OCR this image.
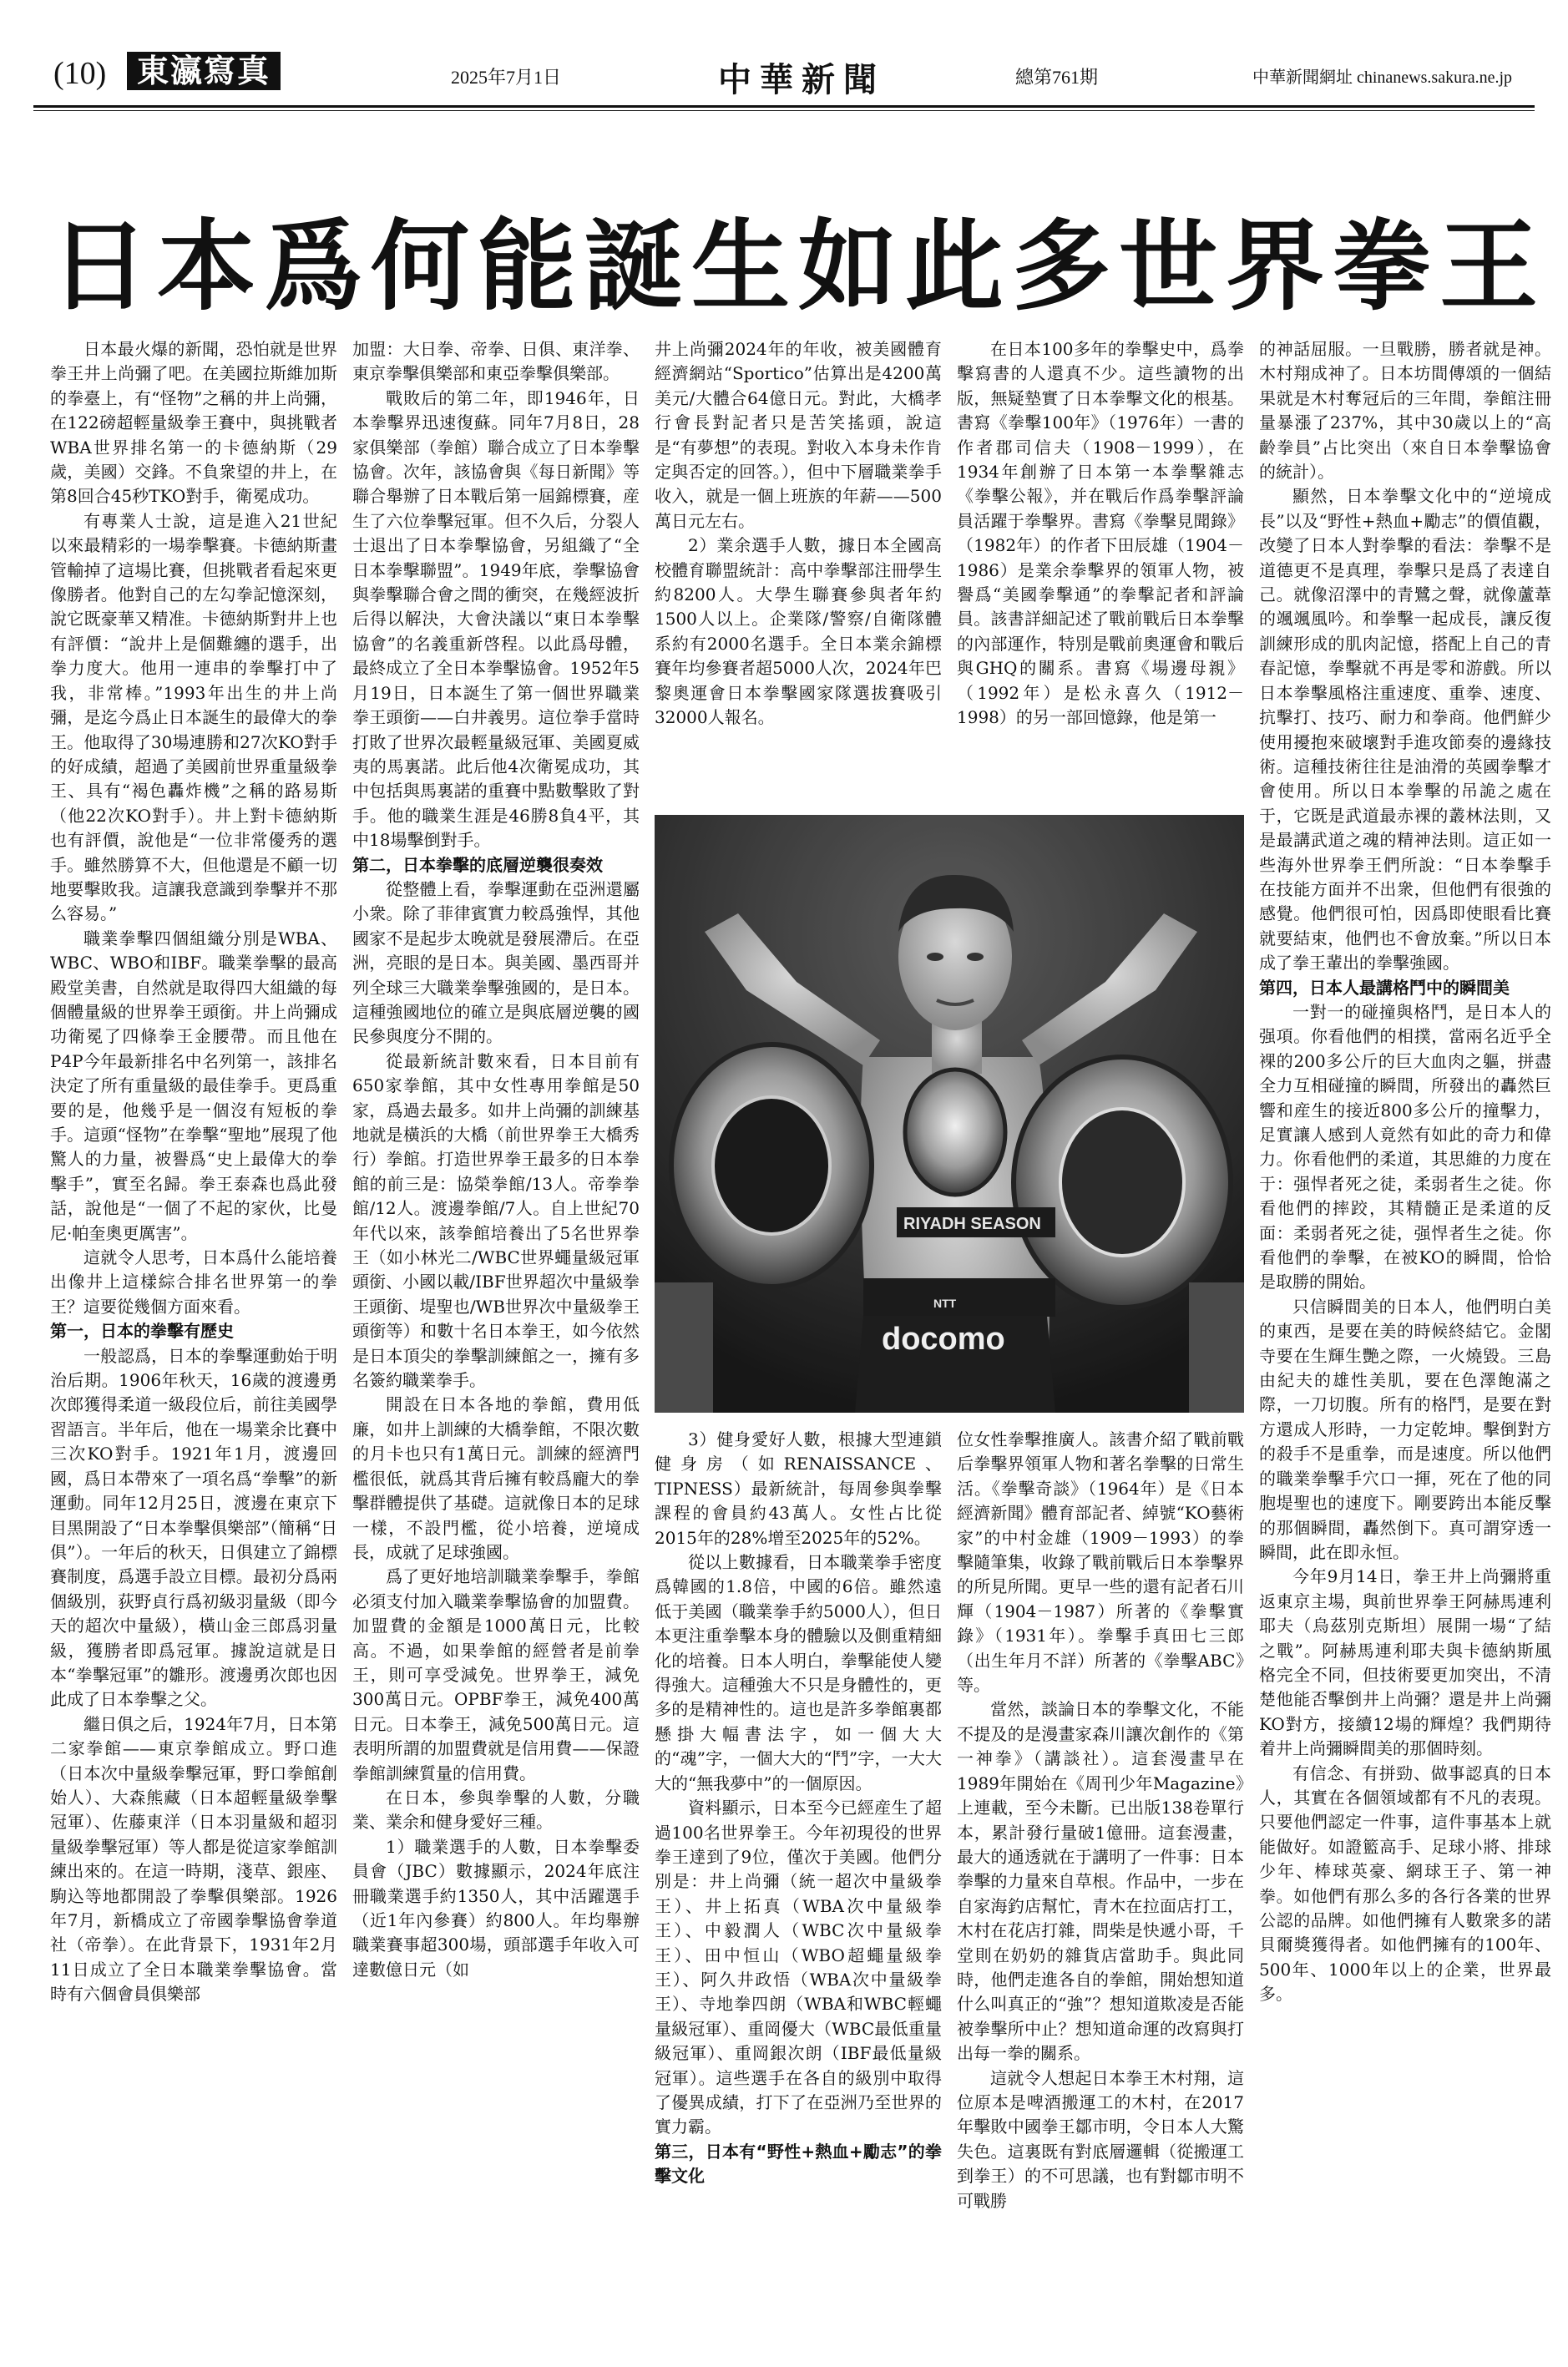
(10) 東瀛寫真	2025年7月1日	中華新聞	總第761期	中華新聞網址 chinanews.sakura.ne.jp
日本爲何能誕生如此多世界拳王

日本最火爆的新聞，恐怕就是世界拳王井上尚彌了吧。在美國拉斯維加斯的拳臺上，有“怪物”之稱的井上尚彌，在122磅超輕量級拳王賽中，與挑戰者WBA世界排名第一的卡德納斯（29歲，美國）交鋒。不負衆望的井上，在第8回合45秒TKO對手，衛冕成功。

有專業人士說，這是進入21世紀以來最精彩的一場拳擊賽。卡德納斯畫管輸掉了這場比賽，但挑戰者看起來更像勝者。他對自己的左勾拳記憶深刻，說它既豪華又精准。卡德納斯對井上也有評價：“說井上是個難纏的選手，出拳力度大。他用一連串的拳擊打中了我，非常棒。”1993年出生的井上尚彌，是迄今爲止日本誕生的最偉大的拳王。他取得了30場連勝和27次KO對手的好成績，超過了美國前世界重量級拳王、具有“褐色轟炸機”之稱的路易斯（他22次KO對手）。井上對卡德納斯也有評價，說他是“一位非常優秀的選手。雖然勝算不大，但他還是不顧一切地要擊敗我。這讓我意識到拳擊并不那么容易。”

職業拳擊四個組織分別是WBA、WBC、WBO和IBF。職業拳擊的最高殿堂美書，自然就是取得四大組織的每個體量級的世界拳王頭銜。井上尚彌成功衛冕了四條拳王金腰帶。而且他在P4P今年最新排名中名列第一，該排名決定了所有重量級的最佳拳手。更爲重要的是，他幾乎是一個沒有短板的拳手。這頭“怪物”在拳擊“聖地”展現了他驚人的力量，被譽爲“史上最偉大的拳擊手”，實至名歸。拳王泰森也爲此發話，說他是“一個了不起的家伙，比曼尼·帕奎奧更厲害”。

這就令人思考，日本爲什么能培養出像井上這樣綜合排名世界第一的拳王？這要從幾個方面來看。

第一，日本的拳擊有歷史

一般認爲，日本的拳擊運動始于明治后期。1906年秋天，16歲的渡邊勇次郎獲得柔道一級段位后，前往美國學習語言。半年后，他在一場業余比賽中三次KO對手。1921年1月，渡邊回國，爲日本帶來了一項名爲“拳擊”的新運動。同年12月25日，渡邊在東京下目黑開設了“日本拳擊俱樂部”（簡稱“日俱”）。一年后的秋天，日俱建立了錦標賽制度，爲選手設立目標。最初分爲兩個級別，荻野貞行爲初級羽量級（即今天的超次中量級），橫山金三郎爲羽量級，獲勝者即爲冠軍。據說這就是日本“拳擊冠軍”的雛形。渡邊勇次郎也因此成了日本拳擊之父。

繼日俱之后，1924年7月，日本第二家拳館——東京拳館成立。野口進（日本次中量級拳擊冠軍，野口拳館創始人）、大森熊藏（日本超輕量級拳擊冠軍）、佐藤東洋（日本羽量級和超羽量級拳擊冠軍）等人都是從這家拳館訓練出來的。在這一時期，淺草、銀座、駒込等地都開設了拳擊俱樂部。1926年7月，新橋成立了帝國拳擊協會拳道社（帝拳）。在此背景下，1931年2月11日成立了全日本職業拳擊協會。當時有六個會員俱樂部

加盟：大日拳、帝拳、日俱、東洋拳、東京拳擊俱樂部和東亞拳擊俱樂部。

戰敗后的第二年，即1946年，日本拳擊界迅速復蘇。同年7月8日，28家俱樂部（拳館）聯合成立了日本拳擊協會。次年，該協會與《每日新聞》等聯合舉辦了日本戰后第一屆錦標賽，産生了六位拳擊冠軍。但不久后，分裂人士退出了日本拳擊協會，另組織了“全日本拳擊聯盟”。1949年底，拳擊協會與拳擊聯合會之間的衝突，在幾經波折后得以解決，大會決議以“東日本拳擊協會”的名義重新啓程。以此爲母體，最終成立了全日本拳擊協會。1952年5月19日，日本誕生了第一個世界職業拳王頭銜——白井義男。這位拳手當時打敗了世界次最輕量級冠軍、美國夏威夷的馬裏諾。此后他4次衛冕成功，其中包括與馬裏諾的重賽中點數擊敗了對手。他的職業生涯是46勝8負4平，其中18場擊倒對手。

第二，日本拳擊的底層逆襲很奏效

從整體上看，拳擊運動在亞洲還屬小衆。除了菲律賓實力較爲強悍，其他國家不是起步太晚就是發展滯后。在亞洲，亮眼的是日本。與美國、墨西哥并列全球三大職業拳擊強國的，是日本。這種強國地位的確立是與底層逆襲的國民參與度分不開的。

從最新統計數來看，日本目前有650家拳館，其中女性專用拳館是50家，爲過去最多。如井上尚彌的訓練基地就是橫浜的大橋（前世界拳王大橋秀行）拳館。打造世界拳王最多的日本拳館的前三是：協榮拳館/13人。帝拳拳館/12人。渡邊拳館/7人。自上世紀70年代以來，該拳館培養出了5名世界拳王（如小林光二/WBC世界蠅量級冠軍頭銜、小國以載/IBF世界超次中量級拳王頭銜、堤聖也/WB世界次中量級拳王頭銜等）和數十名日本拳王，如今依然是日本頂尖的拳擊訓練館之一，擁有多名簽約職業拳手。

開設在日本各地的拳館，費用低廉，如井上訓練的大橋拳館，不限次數的月卡也只有1萬日元。訓練的經濟門檻很低，就爲其背后擁有較爲龐大的拳擊群體提供了基礎。這就像日本的足球一樣，不設門檻，從小培養，逆境成長，成就了足球強國。

爲了更好地培訓職業拳擊手，拳館必須支付加入職業拳擊協會的加盟費。加盟費的金額是1000萬日元，比較高。不過，如果拳館的經營者是前拳王，則可享受減免。世界拳王，減免300萬日元。OPBF拳王，減免400萬日元。日本拳王，減免500萬日元。這表明所謂的加盟費就是信用費——保證拳館訓練質量的信用費。

在日本，參與拳擊的人數，分職業、業余和健身愛好三種。

1）職業選手的人數，日本拳擊委員會（JBC）數據顯示，2024年底注冊職業選手約1350人，其中活躍選手（近1年內參賽）約800人。年均舉辦職業賽事超300場，頭部選手年收入可達數億日元（如

井上尚彌2024年的年收，被美國體育經濟網站“Sportico”估算出是4200萬美元/大體合64億日元。對此，大橋孝行會長對記者只是苦笑搖頭，說這是“有夢想”的表現。對收入本身未作肯定與否定的回答。），但中下層職業拳手收入，就是一個上班族的年薪——500萬日元左右。

2）業余選手人數，據日本全國高校體育聯盟統計：高中拳擊部注冊學生約8200人。大學生聯賽參與者年約1500人以上。企業隊/警察/自衛隊體系約有2000名選手。全日本業余錦標賽年均參賽者超5000人次，2024年巴黎奧運會日本拳擊國家隊選拔賽吸引32000人報名。

在日本100多年的拳擊史中，爲拳擊寫書的人還真不少。這些讀物的出版，無疑墊實了日本拳擊文化的根基。書寫《拳擊100年》（1976年）一書的作者郡司信夫（1908－1999），在1934年創辦了日本第一本拳擊雜志《拳擊公報》，并在戰后作爲拳擊評論員活躍于拳擊界。書寫《拳擊見聞錄》（1982年）的作者下田辰雄（1904－1986）是業余拳擊界的領軍人物，被譽爲“美國拳擊通”的拳擊記者和評論員。該書詳細記述了戰前戰后日本拳擊的內部運作，特別是戰前奧運會和戰后與GHQ的關系。書寫《場邊母親》（1992年）是松永喜久（1912－1998）的另一部回憶錄，他是第一

RIYADH SEASON
NTT
docomo

3）健身愛好人數，根據大型連鎖健身房（如RENAISSANCE、TIPNESS）最新統計，每周參與拳擊課程的會員約43萬人。女性占比從2015年的28%增至2025年的52%。

從以上數據看，日本職業拳手密度爲韓國的1.8倍，中國的6倍。雖然遠低于美國（職業拳手約5000人），但日本更注重拳擊本身的體驗以及側重精細化的培養。日本人明白，拳擊能使人變得強大。這種強大不只是身體性的，更多的是精神性的。這也是許多拳館裏都懸掛大幅書法字，如一個大大的“魂”字，一個大大的“鬥”字，一大大大的“無我夢中”的一個原因。

資料顯示，日本至今已經産生了超過100名世界拳王。今年初現役的世界拳王達到了9位，僅次于美國。他們分別是：井上尚彌（統一超次中量級拳王）、井上拓真（WBA次中量級拳王）、中毅潤人（WBC次中量級拳王）、田中恒山（WBO超蠅量級拳王）、阿久井政悟（WBA次中量級拳王）、寺地拳四朗（WBA和WBC輕蠅量級冠軍）、重岡優大（WBC最低重量級冠軍）、重岡銀次朗（IBF最低量級冠軍）。這些選手在各自的級別中取得了優異成績，打下了在亞洲乃至世界的實力霸。

第三，日本有“野性+熱血+勵志”的拳擊文化

位女性拳擊推廣人。該書介紹了戰前戰后拳擊界領軍人物和著名拳擊的日常生活。《拳擊奇談》（1964年）是《日本經濟新聞》體育部記者、綽號“KO藝術家”的中村金雄（1909－1993）的拳擊隨筆集，收錄了戰前戰后日本拳擊界的所見所聞。更早一些的還有記者石川輝（1904－1987）所著的《拳擊實錄》（1931年）。拳擊手真田七三郎（出生年月不詳）所著的《拳擊ABC》等。

當然，談論日本的拳擊文化，不能不提及的是漫畫家森川讓次創作的《第一神拳》（講談社）。這套漫畫早在1989年開始在《周刊少年Magazine》上連載，至今未斷。已出版138卷單行本，累計發行量破1億冊。這套漫畫，最大的通透就在于講明了一件事：日本拳擊的力量來自草根。作品中，一步在自家海釣店幫忙，青木在拉面店打工，木村在花店打雜，問柴是快遞小哥，千堂則在奶奶的雜貨店當助手。與此同時，他們走進各自的拳館，開始想知道什么叫真正的“強”？想知道欺凌是否能被拳擊所中止？想知道命運的改寫與打出每一拳的關系。

這就令人想起日本拳王木村翔，這位原本是啤酒搬運工的木村，在2017年擊敗中國拳王鄒市明，令日本人大驚失色。這裏既有對底層邏輯（從搬運工到拳王）的不可思議，也有對鄒市明不可戰勝

的神話屈服。一旦戰勝，勝者就是神。木村翔成神了。日本坊間傳頌的一個結果就是木村奪冠后的三年間，拳館注冊量暴漲了237%，其中30歲以上的“高齡拳員”占比突出（來自日本拳擊協會的統計）。

顯然，日本拳擊文化中的“逆境成長”以及“野性+熱血+勵志”的價值觀，改變了日本人對拳擊的看法：拳擊不是道德更不是真理，拳擊只是爲了表達自己。就像沼澤中的青鷺之聲，就像蘆葦的颯颯風吟。和拳擊一起成長，讓反復訓練形成的肌肉記憶，搭配上自己的青春記憶，拳擊就不再是零和游戲。所以日本拳擊風格注重速度、重拳、速度、抗擊打、技巧、耐力和拳商。他們鮮少使用擾抱來破壞對手進攻節奏的邊緣技術。這種技術往往是油滑的英國拳擊才會使用。所以日本拳擊的吊詭之處在于，它既是武道最赤裸的叢林法則，又是最講武道之魂的精神法則。這正如一些海外世界拳王們所說：“日本拳擊手在技能方面并不出衆，但他們有很強的感覺。他們很可怕，因爲即使眼看比賽就要結束，他們也不會放棄。”所以日本成了拳王輩出的拳擊強國。

第四，日本人最講格鬥中的瞬間美

一對一的碰撞與格鬥，是日本人的强項。你看他們的相撲，當兩名近乎全裸的200多公斤的巨大血肉之軀，拼盡全力互相碰撞的瞬間，所發出的轟然巨響和産生的接近800多公斤的撞擊力，足實讓人感到人竟然有如此的奇力和偉力。你看他們的柔道，其思維的力度在于：强悍者死之徒，柔弱者生之徒。你看他們的摔跤，其精髓正是柔道的反面：柔弱者死之徒，强悍者生之徒。你看他們的拳擊，在被KO的瞬間，恰恰是取勝的開始。

只信瞬間美的日本人，他們明白美的東西，是要在美的時候終結它。金閣寺要在生輝生艷之際，一火燒毀。三島由紀夫的雄性美肌，要在色澤飽滿之際，一刀切腹。所有的格鬥，是要在對方還成人形時，一力定乾坤。擊倒對方的殺手不是重拳，而是速度。所以他們的職業拳擊手穴口一揮，死在了他的同胞堤聖也的速度下。剛要跨出本能反擊的那個瞬間，轟然倒下。真可謂穿透一瞬間，此在即永恒。

今年9月14日，拳王井上尚彌將重返東京主場，與前世界拳王阿赫馬連利耶夫（烏茲別克斯坦）展開一場“了結之戰”。阿赫馬連利耶夫與卡德納斯風格完全不同，但技術要更加突出，不清楚他能否擊倒井上尚彌？還是井上尚彌KO對方，接續12場的輝煌？我們期待着井上尚彌瞬間美的那個時刻。

有信念、有拼勁、做事認真的日本人，其實在各個領域都有不凡的表現。只要他們認定一件事，這件事基本上就能做好。如證籃高手、足球小將、排球少年、棒球英豪、網球王子、第一神拳。如他們有那么多的各行各業的世界公認的品牌。如他們擁有人數衆多的諾貝爾獎獲得者。如他們擁有的100年、500年、1000年以上的企業，世界最多。
